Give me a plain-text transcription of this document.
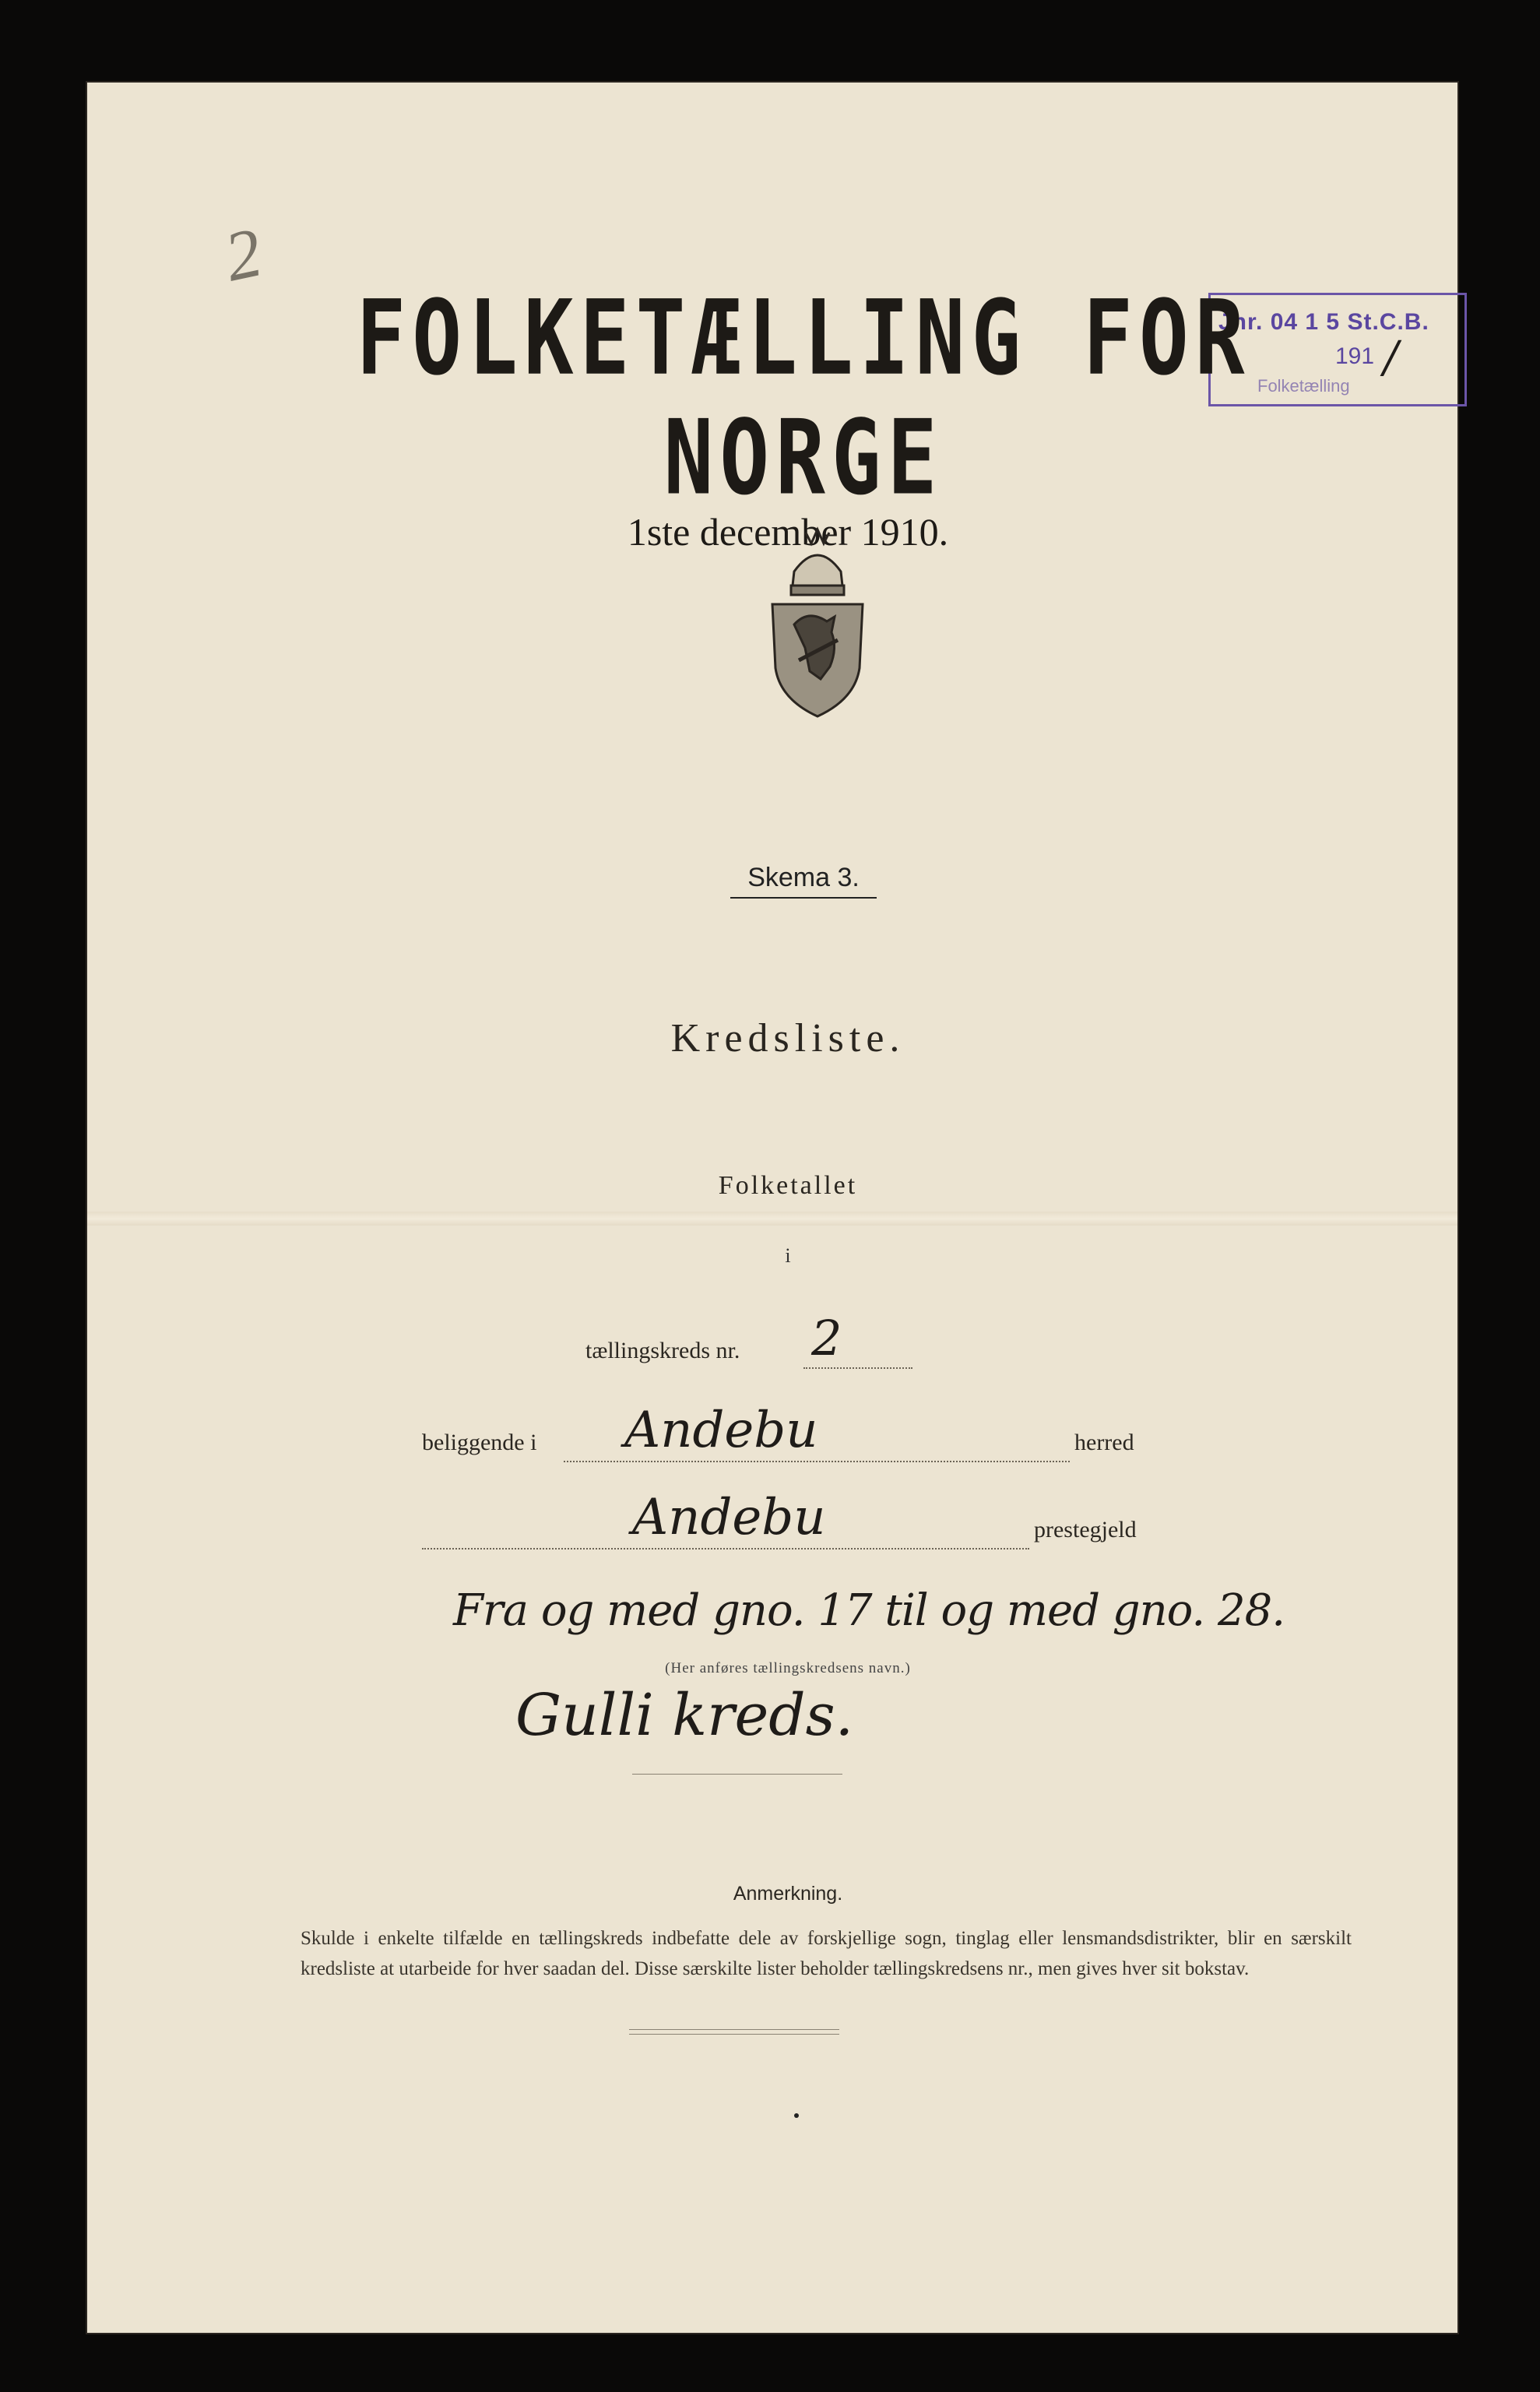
2
Jnr. 04 1 5 St.C.B.
191 /
Folketælling
FOLKETÆLLING FOR NORGE
1ste december 1910.
Skema 3.
Kredsliste.
Folketallet
i
tællingskreds nr. 2
beliggende i Andebu	herred
Andebu	prestegjeld
Fra og med gno. 17 til og med gno. 28.
(Her anføres tællingskredsens navn.)
Gulli kreds.
Anmerkning.
Skulde i enkelte tilfælde en tællingskreds indbefatte dele av forskjellige sogn, tinglag eller lensmandsdistrikter, blir en særskilt kredsliste at utarbeide for hver saadan del. Disse særskilte lister beholder tællingskredsens nr., men gives hver sit bokstav.
